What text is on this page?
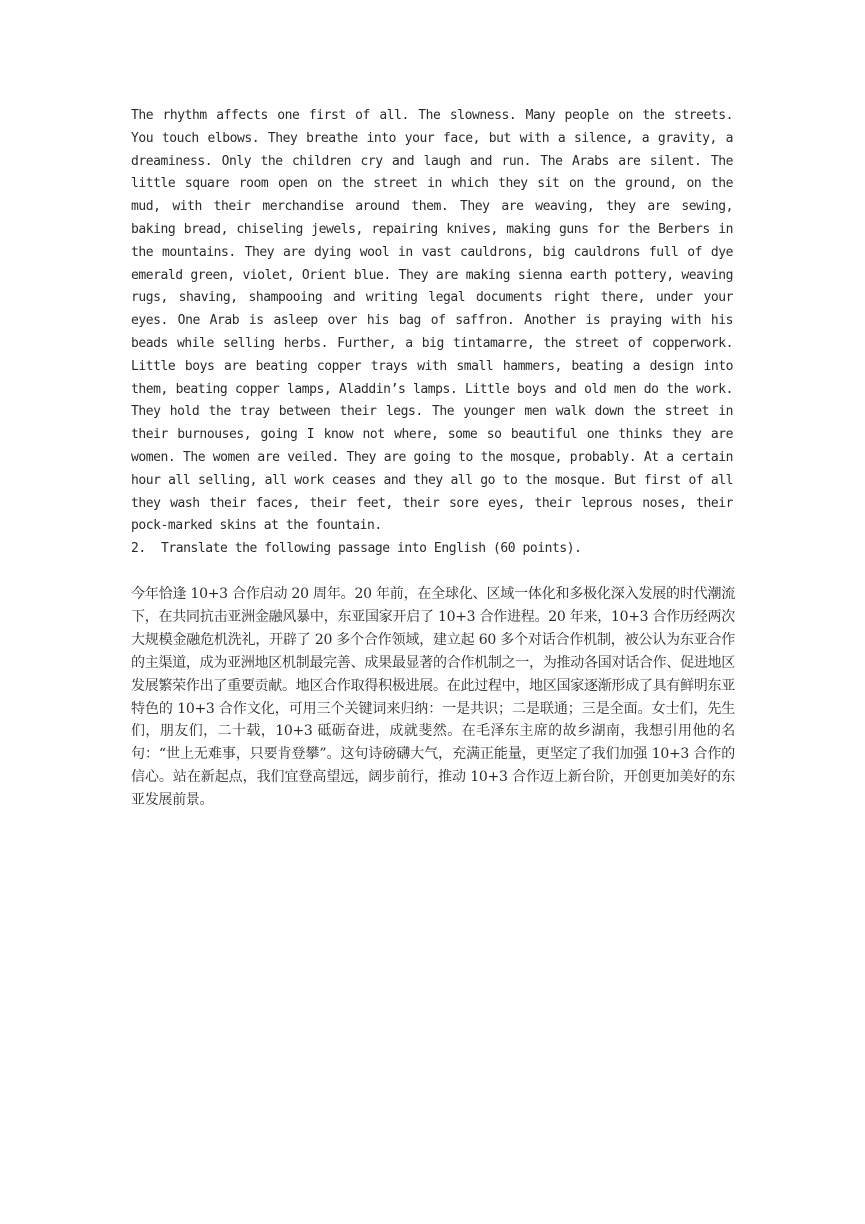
The rhythm affects one first of all. The slowness. Many people on the streets. You touch elbows. They breathe into your face, but with a silence, a gravity, a dreaminess. Only the children cry and laugh and run. The Arabs are silent. The little square room open on the street in which they sit on the ground, on the mud, with their merchandise around them. They are weaving, they are sewing, baking bread, chiseling jewels, repairing knives, making guns for the Berbers in the mountains. They are dying wool in vast cauldrons, big cauldrons full of dye emerald green, violet, Orient blue. They are making sienna earth pottery, weaving rugs, shaving, shampooing and writing legal documents right there, under your eyes. One Arab is asleep over his bag of saffron. Another is praying with his beads while selling herbs. Further, a big tintamarre, the street of copperwork. Little boys are beating copper trays with small hammers, beating a design into them, beating copper lamps, Aladdin’s lamps. Little boys and old men do the work. They hold the tray between their legs. The younger men walk down the street in their burnouses, going I know not where, some so beautiful one thinks they are women. The women are veiled. They are going to the mosque, probably. At a certain hour all selling, all work ceases and they all go to the mosque. But first of all they wash their faces, their feet, their sore eyes, their leprous noses, their pock-marked skins at the fountain.

2. Translate the following passage into English (60 points).

今年恰逢 10+3 合作启动 20 周年。20 年前，在全球化、区域一体化和多极化深入发展的时代潮流下，在共同抗击亚洲金融风暴中，东亚国家开启了 10+3 合作进程。20 年来，10+3 合作历经两次大规模金融危机洗礼，开辟了 20 多个合作领域，建立起 60 多个对话合作机制，被公认为东亚合作的主渠道，成为亚洲地区机制最完善、成果最显著的合作机制之一，为推动各国对话合作、促进地区发展繁荣作出了重要贡献。地区合作取得积极进展。在此过程中，地区国家逐渐形成了具有鲜明东亚特色的 10+3 合作文化，可用三个关键词来归纳：一是共识；二是联通；三是全面。女士们，先生们，朋友们，二十载，10+3 砥砺奋进，成就斐然。在毛泽东主席的故乡湖南，我想引用他的名句：“世上无难事，只要肯登攀”。这句诗磅礴大气，充满正能量，更坚定了我们加强 10+3 合作的信心。站在新起点，我们宜登高望远，阔步前行，推动 10+3 合作迈上新台阶，开创更加美好的东亚发展前景。
